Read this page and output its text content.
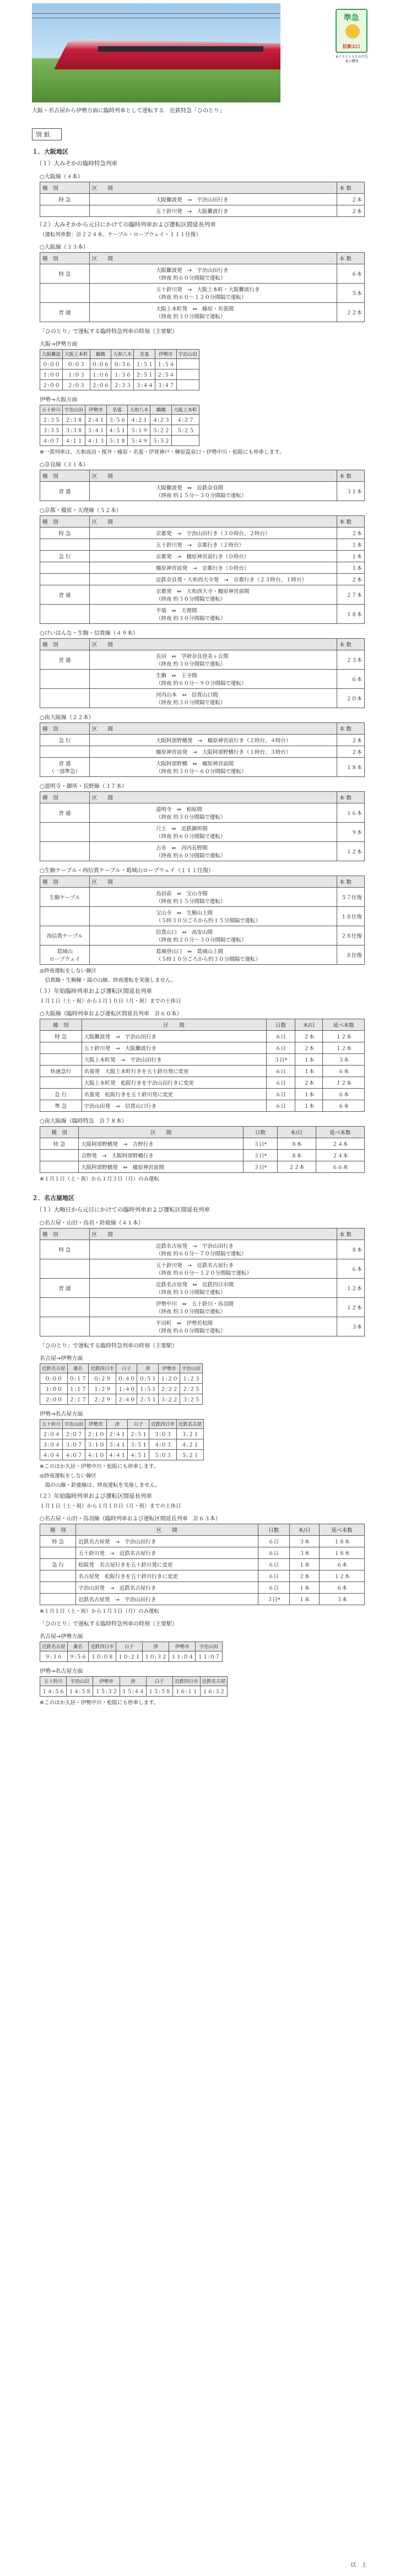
準急
信貴山口
※イラスト入りの行先表示種別
大阪・名古屋から伊勢方面に臨時列車として運転する　近鉄特急「ひのとり」
別 紙
１．大阪地区
（１）大みそかの臨時特急列車
○大阪線（４本）
種　別	区　　間	本 数
特 急	大阪難波発　→　宇治山田行き	２本
	五十鈴川発　→　大阪難波行き	２本
（２）大みそかから元日にかけての臨時列車および運転区間延長列車
（運転列車数：計２２４本、ケーブル・ロープウェイ・１１１往復）
○大阪線（３３本）
種　別	区　　間	本 数
特 急	大阪難波発　→　宇治山田行き
（終夜 約６０分間隔で運転）	６本
	五十鈴川発　→　大阪上本町・大阪難波行き
（終夜 約６０～１２０分間隔で運転）	５本
普 通	大阪上本町発　⇔　榛原・名張間
（終夜 約３０分間隔で運転）	２２本
「ひのとり」で運転する臨時特急列車の時刻（主要駅）
大阪→伊勢方面
大阪難波	大阪上本町	鶴橋	大和八木	名張	伊勢市	宇治山田
０:００	０:０３	０:０６	０:３６	１:５１	１:５４	
１:００	１:０３	１:０６	１:３６	２:５１	２:５４	
２:００	２:０３	２:０６	２:３３	３:４４	３:４７	
伊勢→大阪方面
五十鈴川	宇治山田	伊勢市	名張	大和八木	鶴橋	大阪上本町
２:３５	２:３８	２:４１	３:５６	４:２１	４:２３	４:２７
３:３５	３:３８	３:４１	４:５１	５:１９	５:２２	５:２５
４:０７	４:１１	４:１３	５:１８	５:４９	５:５２	
※一部列車は、大和高田・桜井・榛原・名張・伊賀神戸・榊原温泉口・伊勢中川・松阪にも停車します。
○奈良線（３１本）
種　別	区　　間	本 数
普 通	大阪難波発　⇔　近鉄奈良間
（終夜 約１５分～３０分間隔で運転）	３１本
○京都・橿原・天理線（５２本）
種　別	区　　間	本 数
特 急	京都発　→　宇治山田行き（３０時台、２時台）	２本
	五十鈴川発　→　京都行き（２時台）	１本
急 行	京都発　→　橿原神宮前行き（０時台）	１本
	橿原神宮前発　→　京都行き（０時台）	１本
	近鉄奈良発・大和西大寺発　→　京都行き（２３時台、１時台）	２本
普 通	京都発　⇔　大和西大寺・橿原神宮前間
（終夜 約３０分間隔で運転）	２７本
	平端　⇔　天理間
（終夜 約３０分間隔で運転）	１８本
○けいはんな・生駒・信貴線（４９本）
種　別	区　　間	本 数
普 通	長田　⇔　学研奈良登美ヶ丘間
（終夜 約３０分間隔で運転）	２３本
	生駒　⇔　王寺間
（終夜 約６０分～９０分間隔で運転）	６本
	河内山本　⇔　信貴山口間
（終夜 約３０分間隔で運転）	２０本
○南大阪線（２２本）
種　別	区　　間	本 数
急 行	大阪阿部野橋発　→　橿原神宮前行き（２時台、４時台）	２本
	橿原神宮前発　→　大阪阿部野橋行き（１時台、３時台）	２本
普 通
（一部準急）	大阪阿部野橋　⇔　橿原神宮前間
（終夜 約３０分～６０分間隔で運転）	１８本
○道明寺・御所・長野線（３７本）
種　別	区　　間	本 数
普 通	道明寺　⇔　柏原間
（終夜 約３０分間隔で運転）	１６本
	尺土　⇔　近鉄御所間
（終夜 約６０分間隔で運転）	９本
	古市　⇔　河内長野間
（終夜 約６０分間隔で運転）	１２本
○生駒ケーブル・西信貴ケーブル・葛城山ロープウェイ（１１１往復）
種　別	区　　間	本 数
生駒ケーブル	鳥居前　⇔　宝山寺間
（終夜 約１５分間隔で運転）	５７往復
	宝山寺　⇔　生駒山上間
（５時３０分ごろから約１５分間隔で運転）	１８往復
西信貴ケーブル	信貴山口　⇔　高安山間
（終夜 約２０分～３０分間隔で運転）	２８往復
葛城山
ロープウェイ	葛城登山口　⇔　葛城山上間
（５時１０分ごろから約３０分間隔で運転）	８往復
◎終夜運転をしない線区
　信貴線・生駒線・湯の山線、終夜運転を実施しません。
（３）年始臨時列車および運転区間延長列車
１月１日（土・祝）から１月１０日（月・祝）までの土休日
○大阪線（臨時列車および運転区間延長列車　計６０本）
種　別	区　　間	日数	本/日	延べ本数
特 急	大阪難波発　→　宇治山田行き	６日	２本	１２本
	五十鈴川発　→　大阪難波行き	６日	２本	１２本
	大阪上本町発　→　宇治山田行き	３日*	１本	３本
快速急行	名張発　大阪上本町行きを五十鈴川発に変更	６日	１本	６本
	大阪上本町発　松阪行きを宇治山田行きに変更	６日	２本	１２本
急 行	名張発　松阪行きを五十鈴川発に変更	６日	１本	６本
準 急	宇治山田発　→　信貴山口行き	６日	１本	６本
○南大阪線（臨時特急　計７８本）
種　別	区　　間	日数	本/日	延べ本数
特 急	大阪阿部野橋発　→　吉野行き	３日*	８本	２４本
	吉野発　→　大阪阿部野橋行き	３日*	８本	２４本
	大阪阿部野橋発　⇔　橿原神宮前間	３日*	２２本	６６本
※１月１日（土・祝）から１月３日（月）のみ運転
２．名古屋地区
（１）大晦日から元日にかけての臨時列車および運転区間延長列車
○名古屋・山田・鳥羽・鈴鹿線（４１本）
種　別	区　　間	本 数
特 急	近鉄名古屋発　→　宇治山田行き
（終夜 約６０分～７０分間隔で運転）	８本
	五十鈴川発　→　近鉄名古屋行き
（終夜 約６０分～１２０分間隔で運転）	６本
普 通	近鉄名古屋発　⇔　近鉄四日市間
（終夜 約３０分間隔で運転）	１２本
	伊勢中川　⇔　五十鈴川・鳥羽間
（終夜 約３０分間隔で運転）	１２本
	平田町　⇔　伊勢若松間
（終夜 約６０分間隔で運転）	３本
「ひのとり」で運転する臨時特急列車の時刻（主要駅）
名古屋→伊勢方面
近鉄名古屋	桑名	近鉄四日市	白子	津	伊勢市	宇治山田
０:００	０:１７	０:２９	０:４０	０:５１	１:２０	１:２３
１:００	１:１７	１:２９	１:４０	１:５１	２:２２	２:２５
２:００	２:１７	２:２９	２:４０	２:５１	３:２２	３:２５
伊勢→名古屋方面
五十鈴川	宇治山田	伊勢市	津	白子	近鉄四日市	近鉄名古屋
２:０４	２:０７	２:１０	２:４１	２:５１	３:０３	３:２１
３:０４	３:０７	３:１０	３:４１	３:５１	４:０３	４:２１
４:０４	４:０７	４:１０	４:４１	４:５１	５:０３	５:２１
※このほか久居・伊勢中川・松阪にも停車します。
◎終夜運転をしない線区
　湯の山線・鈴鹿線は、終夜運転を実施しません。
（２）年始臨時列車および運転区間延長列車
１月１日（土・祝）から１月１０日（月・祝）までの土休日
○名古屋・山田・鳥羽線（臨時列車および運転区間延長列車　計６３本）
種　別	区　　間	日数	本/日	延べ本数
特 急	近鉄名古屋発　→　宇治山田行き	６日	３本	１８本
	五十鈴川発　→　近鉄名古屋行き	６日	３本	１８本
急 行	松阪発　名古屋行きを五十鈴川発に変更	６日	１本	６本
	名古屋発　松阪行きを五十鈴川行きに変更	６日	２本	１２本
	宇治山田発　→　近鉄名古屋行き	６日	１本	６本
	近鉄名古屋発　→　宇治山田行き	３日*	１本	３本
※１月１日（土・祝）から１月３日（月）のみ運転
「ひのとり」で運転する臨時特急列車の時刻（主要駅）
名古屋→伊勢方面
近鉄名古屋	桑名	近鉄四日市	白子	津	伊勢市	宇治山田
９:３６	９:５６	１０:０８	１０:２１	１０:３２	１１:０４	１１:０７
伊勢→名古屋方面
五十鈴川	宇治山田	伊勢市	津	白子	近鉄四日市	近鉄名古屋
１４:５６	１４:５８	１５:３２	１５:４４	１５:５８	１６:１１	１６:３２
※このほか久居・伊勢中川・松阪にも停車します。
以　上
